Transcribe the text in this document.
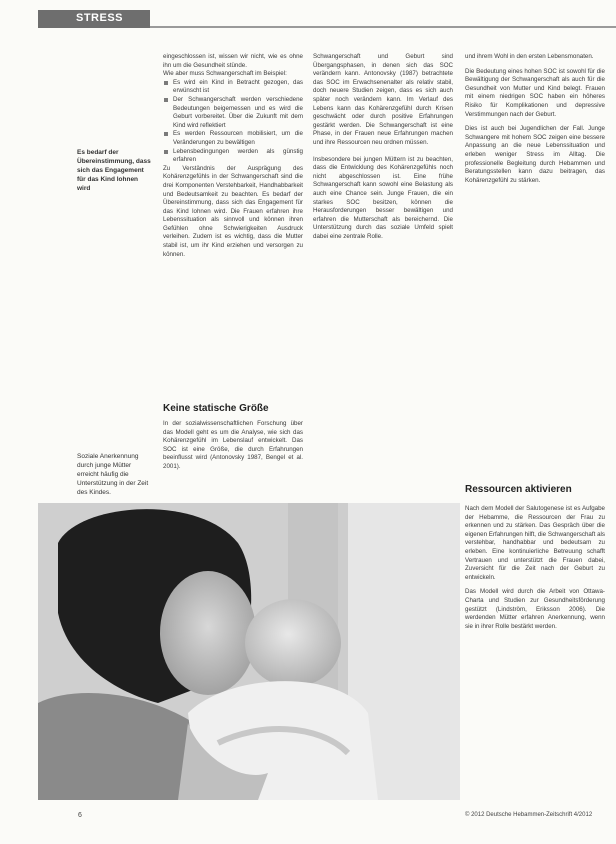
STRESS
Es bedarf der Übereinstimmung, dass sich das Engagement für das Kind lohnen wird
Soziale Anerkennung durch junge Mütter erreicht häufig die Unterstützung in der Zeit des Kindes.

eingeschlossen ist, wissen wir nicht, wie es ohne ihn um die Gesundheit stünde.

Wie aber muss Schwangerschaft im Beispiel:

Es wird ein Kind in Betracht gezogen, das erwünscht ist
Der Schwangerschaft werden verschiedene Bedeutungen beigemessen und es wird die Geburt vorbereitet. Über die Zukunft mit dem Kind wird reflektiert
Es werden Ressourcen mobilisiert, um die Veränderungen zu bewältigen
Lebensbedingungen werden als günstig erfahren

Zu Verständnis der Ausprägung des Kohärenzgefühls in der Schwangerschaft sind die drei Komponenten Verstehbarkeit, Handhabbarkeit und Bedeutsamkeit zu beachten. Es bedarf der Übereinstimmung, dass sich das Engagement für das Kind lohnen wird. Die Frauen erfahren ihre Lebenssituation als sinnvoll und können ihren Gefühlen ohne Schwierigkeiten Ausdruck verleihen. Zudem ist es wichtig, dass die Mutter stabil ist, um ihr Kind erziehen und versorgen zu können.

Keine statische Größe

In der sozialwissenschaftlichen Forschung über das Modell geht es um die Analyse, wie sich das Kohärenzgefühl im Lebenslauf entwickelt. Das SOC ist eine Größe, die durch Erfahrungen beeinflusst wird (Antonovsky 1987, Bengel et al. 2001).

Schwangerschaft und Geburt sind Übergangsphasen, in denen sich das SOC verändern kann. Antonovsky (1987) betrachtete das SOC im Erwachsenenalter als relativ stabil, doch neuere Studien zeigen, dass es sich auch später noch verändern kann. Im Verlauf des Lebens kann das Kohärenzgefühl durch Krisen geschwächt oder durch positive Erfahrungen gestärkt werden. Die Schwangerschaft ist eine Phase, in der Frauen neue Erfahrungen machen und ihre Ressourcen neu ordnen müssen.

Insbesondere bei jungen Müttern ist zu beachten, dass die Entwicklung des Kohärenzgefühls noch nicht abgeschlossen ist. Eine frühe Schwangerschaft kann sowohl eine Belastung als auch eine Chance sein. Junge Frauen, die ein starkes SOC besitzen, können die Herausforderungen besser bewältigen und erfahren die Mutterschaft als bereichernd. Die Unterstützung durch das soziale Umfeld spielt dabei eine zentrale Rolle.

und ihrem Wohl in den ersten Lebensmonaten.

Die Bedeutung eines hohen SOC ist sowohl für die Bewältigung der Schwangerschaft als auch für die Gesundheit von Mutter und Kind belegt. Frauen mit einem niedrigen SOC haben ein höheres Risiko für Komplikationen und depressive Verstimmungen nach der Geburt.

Dies ist auch bei Jugendlichen der Fall. Junge Schwangere mit hohem SOC zeigen eine bessere Anpassung an die neue Lebenssituation und erleben weniger Stress im Alltag. Die professionelle Begleitung durch Hebammen und Beratungsstellen kann dazu beitragen, das Kohärenzgefühl zu stärken.

Ressourcen aktivieren

Nach dem Modell der Salutogenese ist es Aufgabe der Hebamme, die Ressourcen der Frau zu erkennen und zu stärken. Das Gespräch über die eigenen Erfahrungen hilft, die Schwangerschaft als verstehbar, handhabbar und bedeutsam zu erleben. Eine kontinuierliche Betreuung schafft Vertrauen und unterstützt die Frauen dabei, Zuversicht für die Zeit nach der Geburt zu entwickeln.

Das Modell wird durch die Arbeit von Ottawa-Charta und Studien zur Gesundheitsförderung gestützt (Lindström, Eriksson 2006). Die werdenden Mütter erfahren Anerkennung, wenn sie in ihrer Rolle bestärkt werden.

6	© 2012 Deutsche Hebammen-Zeitschrift 4/2012
